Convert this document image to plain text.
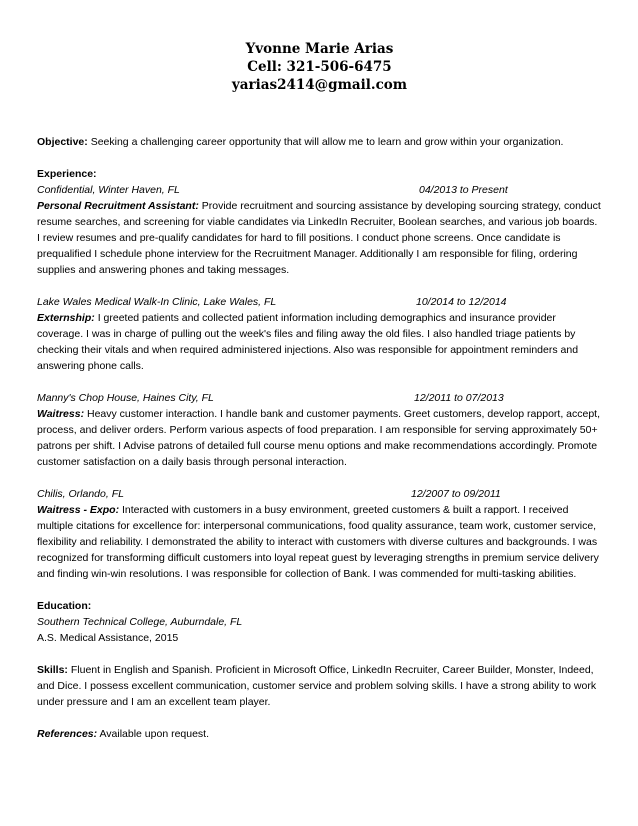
Yvonne Marie Arias
Cell: 321-506-6475
yarias2414@gmail.com

Objective: Seeking a challenging career opportunity that will allow me to learn and grow within your organization.

Experience:
Confidential, Winter Haven, FL	04/2013 to Present

Personal Recruitment Assistant: Provide recruitment and sourcing assistance by developing sourcing strategy, conduct resume searches, and screening for viable candidates via LinkedIn Recruiter, Boolean searches, and various job boards. I review resumes and pre-qualify candidates for hard to fill positions. I conduct phone screens. Once candidate is prequalified I schedule phone interview for the Recruitment Manager. Additionally I am responsible for filing, ordering supplies and answering phones and taking messages.

Lake Wales Medical Walk-In Clinic, Lake Wales, FL	10/2014 to 12/2014

Externship: I greeted patients and collected patient information including demographics and insurance provider coverage. I was in charge of pulling out the week's files and filing away the old files. I also handled triage patients by checking their vitals and when required administered injections. Also was responsible for appointment reminders and answering phone calls.

Manny's Chop House, Haines City, FL	12/2011 to 07/2013

Waitress: Heavy customer interaction. I handle bank and customer payments. Greet customers, develop rapport, accept, process, and deliver orders. Perform various aspects of food preparation. I am responsible for serving approximately 50+ patrons per shift. I Advise patrons of detailed full course menu options and make recommendations accordingly. Promote customer satisfaction on a daily basis through personal interaction.

Chilis, Orlando, FL	12/2007 to 09/2011

Waitress - Expo: Interacted with customers in a busy environment, greeted customers & built a rapport. I received multiple citations for excellence for: interpersonal communications, food quality assurance, team work, customer service, flexibility and reliability. I demonstrated the ability to interact with customers with diverse cultures and backgrounds. I was recognized for transforming difficult customers into loyal repeat guest by leveraging strengths in premium service delivery and finding win-win resolutions. I was responsible for collection of Bank. I was commended for multi-tasking abilities.

Education:
Southern Technical College, Auburndale, FL
A.S. Medical Assistance, 2015

Skills: Fluent in English and Spanish. Proficient in Microsoft Office, LinkedIn Recruiter, Career Builder, Monster, Indeed, and Dice. I possess excellent communication, customer service and problem solving skills. I have a strong ability to work under pressure and I am an excellent team player.

References: Available upon request.
